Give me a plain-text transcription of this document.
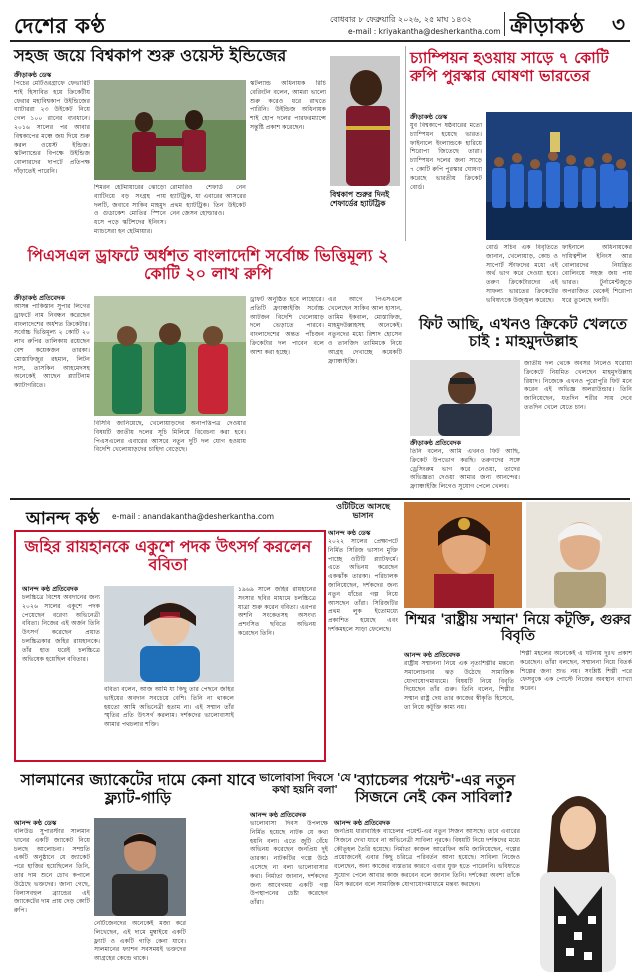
দেশের কণ্ঠ	বোধবার ৮ ফেব্রুয়ারি ২০২৬, ২৫ মাঘ ১৪৩২
e-mail : kriyakantha@desherkantha.com ক্রীড়াকণ্ঠ ৩
সহজ জয়ে বিশ্বকাপ শুরু ওয়েস্ট ইন্ডিজের
ক্রীড়াকণ্ঠ ডেস্ক
পিচের মেটিওরগ্রাফে ফেভারিট শাই হিসাবিত হয়ে ক্রিকেটীয় ফেরার মহাবিশ্বকাপ উইন্ডিজের ব্যাটাররা ২৩ উইকেট নিয়ে গেল ১০০ রানের ব্যবধানে। ২০১৬ সালের পর আবার বিশ্বকাপের মঞ্চে জয় দিয়ে শুরু করল ওয়েস্ট ইন্ডিজ। স্কটল্যান্ডের বিপক্ষে উইন্ডিজ বোলারদের দাপটে প্রতিপক্ষ দাঁড়াতেই পারেনি।
শিমরন হেটমায়ারের ঝোড়ো ব্যাটিংয়ে বড় সংগ্রহ পায় দলটি, জবাবে সাকিব মাহমুদ ও গুডাকেশ মোতির স্পিনে ধসে পড়ে স্কটিশদের ইনিংস। ম্যাচসেরা হন হেটমায়ার।
রোমারিও শেফার্ড নেন হ্যাটট্রিক, যা এবারের আসরের প্রথম হ্যাটট্রিক। তিন উইকেট নেন জেসন হোল্ডারও।
স্কটল্যান্ড অধিনায়ক রিচি বেরিংটন বলেন, আমরা ভালো শুরু করেও ধরে রাখতে পারিনি। উইন্ডিজ অধিনায়ক শাই হোপ দলের পারফরম্যান্সে সন্তুষ্টি প্রকাশ করেছেন।
বিশ্বকাপ শুরুর দিনই শেফার্ডের হ্যাটট্রিক
চ্যাম্পিয়ন হওয়ায় সাড়ে ৭ কোটি রুপি পুরস্কার ঘোষণা ভারতের
ক্রীড়াকণ্ঠ ডেস্ক
যুব বিশ্বকাপে ষষ্ঠবারের মতো চ্যাম্পিয়ন হয়েছে ভারত। ফাইনালে ইংল্যান্ডকে হারিয়ে শিরোপা জিতেছে তারা। চ্যাম্পিয়ন দলের জন্য সাড়ে ৭ কোটি রুপি পুরস্কার ঘোষণা করেছে ভারতীয় ক্রিকেট বোর্ড।
বোর্ড সচিব এক বিবৃতিতে জানান, খেলোয়াড়, কোচ ও সাপোর্ট স্টাফদের মধ্যে এই অর্থ ভাগ করে দেওয়া হবে। তরুণ ক্রিকেটারদের এই সাফল্য ভারতের ক্রিকেটের ভবিষ্যৎকে উজ্জ্বল করেছে।
ফাইনালে অধিনায়কের দায়িত্বশীল ইনিংস আর বোলারদের নিয়ন্ত্রিত বোলিংয়ে সহজ জয় পায় ভারত। টুর্নামেন্টজুড়ে অপরাজিত থেকেই শিরোপা ঘরে তুলেছে দলটি।
পিএসএল ড্রাফটে অর্ধশত বাংলাদেশি সর্বোচ্চ ভিত্তিমূল্য ২ কোটি ২০ লাখ রুপি
ক্রীড়াকণ্ঠ প্রতিবেদক
আসন্ন পাকিস্তান সুপার লিগের ড্রাফটে নাম নিবন্ধন করেছেন বাংলাদেশের অর্ধশত ক্রিকেটার। সর্বোচ্চ ভিত্তিমূল্য ২ কোটি ২০ লাখ রুপির তালিকায় রয়েছেন বেশ কয়েকজন তারকা। মোস্তাফিজুর রহমান, লিটন দাস, তাসকিন আহমেদসহ অনেকেই আছেন প্ল্যাটিনাম ক্যাটাগরিতে।
বিসিবি জানিয়েছে, খেলোয়াড়দের অনাপত্তিপত্র দেওয়ার বিষয়টি জাতীয় দলের সূচি মিলিয়ে বিবেচনা করা হবে। পিএসএলের এবারের আসরে নতুন দুটি দল যোগ হওয়ায় বিদেশি খেলোয়াড়দের চাহিদা বেড়েছে।
ড্রাফট অনুষ্ঠিত হবে লাহোরে। প্রতিটি ফ্র্যাঞ্চাইজি সর্বোচ্চ আটজন বিদেশি খেলোয়াড় দলে ভেড়াতে পারবে। বাংলাদেশের অন্তত পাঁচজন ক্রিকেটার দল পাবেন বলে আশা করা হচ্ছে।
এর আগে পিএসএলে খেলেছেন সাকিব আল হাসান, তামিম ইকবাল, মোস্তাফিজ, মাহমুদউল্লাহসহ অনেকেই। নতুনদের মধ্যে রিশাদ হোসেন ও তানজিদ তামিমকে নিয়ে আগ্রহ দেখাচ্ছে কয়েকটি ফ্র্যাঞ্চাইজি।
ফিট আছি, এখনও ক্রিকেট খেলতে চাই : মাহমুদউল্লাহ
ক্রীড়াকণ্ঠ প্রতিবেদক
জাতীয় দল থেকে অবসর নিলেও ঘরোয়া ক্রিকেটে নিয়মিত খেলছেন মাহমুদউল্লাহ রিয়াদ। নিজেকে এখনও পুরোপুরি ফিট মনে করেন এই অভিজ্ঞ অলরাউন্ডার। তিনি জানিয়েছেন, যতদিন শরীর সায় দেবে ততদিন খেলে যেতে চান।
তিনি বলেন, আমি এখনও ফিট আছি, ক্রিকেট উপভোগ করছি। তরুণদের সঙ্গে ড্রেসিংরুম ভাগ করে নেওয়া, তাদের অভিজ্ঞতা দেওয়া আমার জন্য আনন্দের। ফ্র্যাঞ্চাইজি লিগেও সুযোগ পেলে খেলব।
আনন্দ কণ্ঠ e-mail : anandakantha@desherkantha.com
জহির রায়হানকে একুশে পদক উৎসর্গ করলেন ববিতা
আনন্দ কণ্ঠ প্রতিবেদক
চলচ্চিত্রে বিশেষ অবদানের জন্য ২০২৬ সালের একুশে পদক পেয়েছেন বরেণ্য অভিনেত্রী ববিতা। নিজের এই অর্জন তিনি উৎসর্গ করেছেন প্রয়াত চলচ্চিত্রকার জহির রায়হানকে। তাঁর হাত ধরেই চলচ্চিত্রে অভিষেক হয়েছিল ববিতার।
ববিতা বলেন, আজ আমি যা কিছু তার পেছনে জহির ভাইয়ের অবদান সবচেয়ে বেশি। তিনি না থাকলে হয়তো আমি অভিনেত্রী হতাম না। এই সম্মান তাঁর স্মৃতির প্রতি উৎসর্গ করলাম। দর্শকদের ভালোবাসাই আমার পথচলার শক্তি।
১৯৬৯ সালে জহির রায়হানের সংসার ছবির মাধ্যমে চলচ্চিত্রে যাত্রা শুরু করেন ববিতা। এরপর অশনি সংকেতসহ অসংখ্য প্রশংসিত ছবিতে অভিনয় করেছেন তিনি।
ওটিটিতে আসছে ভাসান
আনন্দ কণ্ঠ ডেস্ক
২০২২ সালের প্রেক্ষাপটে নির্মিত সিরিজ ভাসান মুক্তি পাচ্ছে ওটিটি প্ল্যাটফর্মে। এতে অভিনয় করেছেন একঝাঁক তারকা। পরিচালক জানিয়েছেন, দর্শকদের জন্য নতুন ধাঁচের গল্প নিয়ে আসছেন তাঁরা। সিরিজটির প্রথম লুক ইতোমধ্যে প্রকাশিত হয়েছে এবং দর্শকমহলে সাড়া ফেলেছে।
শিম্মর 'রাষ্ট্রীয় সম্মান' নিয়ে কটূক্তি, গুরুর বিবৃতি
আনন্দ কণ্ঠ প্রতিবেদক
রাষ্ট্রীয় সম্মাননা নিয়ে এক নৃত্যশিল্পীর মন্তব্যে সমালোচনার ঝড় উঠেছে সামাজিক যোগাযোগমাধ্যমে। বিষয়টি নিয়ে বিবৃতি দিয়েছেন তাঁর গুরু। তিনি বলেন, শিল্পীর সম্মান রাষ্ট্র দেয় তার কাজের স্বীকৃতি হিসেবে, তা নিয়ে কটূক্তি কাম্য নয়।
শিল্পী মহলের অনেকেই এ ঘটনায় দুঃখ প্রকাশ করেছেন। তাঁরা বলছেন, সম্মাননা নিয়ে বিতর্ক শিল্পের জন্য শুভ নয়। সংশ্লিষ্ট শিল্পী পরে ফেসবুকে এক পোস্টে নিজের অবস্থান ব্যাখ্যা করেন।
সালমানের জ্যাকেটের দামে কেনা যাবে ফ্ল্যাট-গাড়ি
আনন্দ কণ্ঠ ডেস্ক
বলিউড সুপারস্টার সালমান খানের একটি জ্যাকেট নিয়ে চলছে আলোচনা। সম্প্রতি একটি অনুষ্ঠানে যে জ্যাকেট পরে হাজির হয়েছিলেন তিনি, তার দাম শুনে চোখ কপালে উঠেছে ভক্তদের। জানা গেছে, বিলাসবহুল ব্র্যান্ডের এই জ্যাকেটের দাম প্রায় দেড় কোটি রুপি।
নেটিজেনদের অনেকেই মজা করে লিখেছেন, এই দামে মুম্বাইয়ে একটি ফ্ল্যাট ও একটি গাড়ি কেনা যাবে। সালমানের ফ্যাশন সবসময়ই ভক্তদের আগ্রহের কেন্দ্রে থাকে।
ভালোবাসা দিবসে 'যে কথা হয়নি বলা'
আনন্দ কণ্ঠ প্রতিবেদক
ভালোবাসা দিবস উপলক্ষে নির্মিত হয়েছে নাটক যে কথা হয়নি বলা। এতে জুটি বেঁধে অভিনয় করেছেন জনপ্রিয় দুই তারকা। নাটকটির গল্পে উঠে এসেছে না বলা ভালোবাসার কথা। নির্মাতা জানান, দর্শকদের জন্য আবেগময় একটি গল্প উপস্থাপনের চেষ্টা করেছেন তাঁরা।
'ব্যাচেলর পয়েন্ট'-এর নতুন সিজনে নেই কেন সাবিলা?
আনন্দ কণ্ঠ প্রতিবেদক
জনপ্রিয় ধারাবাহিক ব্যাচেলর পয়েন্ট-এর নতুন সিজন আসছে। তবে এবারের সিজনে দেখা যাবে না অভিনেত্রী সাবিলা নূরকে। বিষয়টি নিয়ে দর্শকদের মধ্যে কৌতূহল তৈরি হয়েছে। নির্মাতা কাজল আরেফিন অমি জানিয়েছেন, গল্পের প্রয়োজনেই এবার কিছু চরিত্রে পরিবর্তন আনা হয়েছে। সাবিলা নিজেও বলেছেন, অন্য কাজের ব্যস্ততার কারণে এবার যুক্ত হতে পারেননি। ভবিষ্যতে সুযোগ পেলে আবার কাজ করবেন বলে জানান তিনি। দর্শকেরা অবশ্য তাঁকে মিস করবেন বলে সামাজিক যোগাযোগমাধ্যমে মন্তব্য করছেন।
